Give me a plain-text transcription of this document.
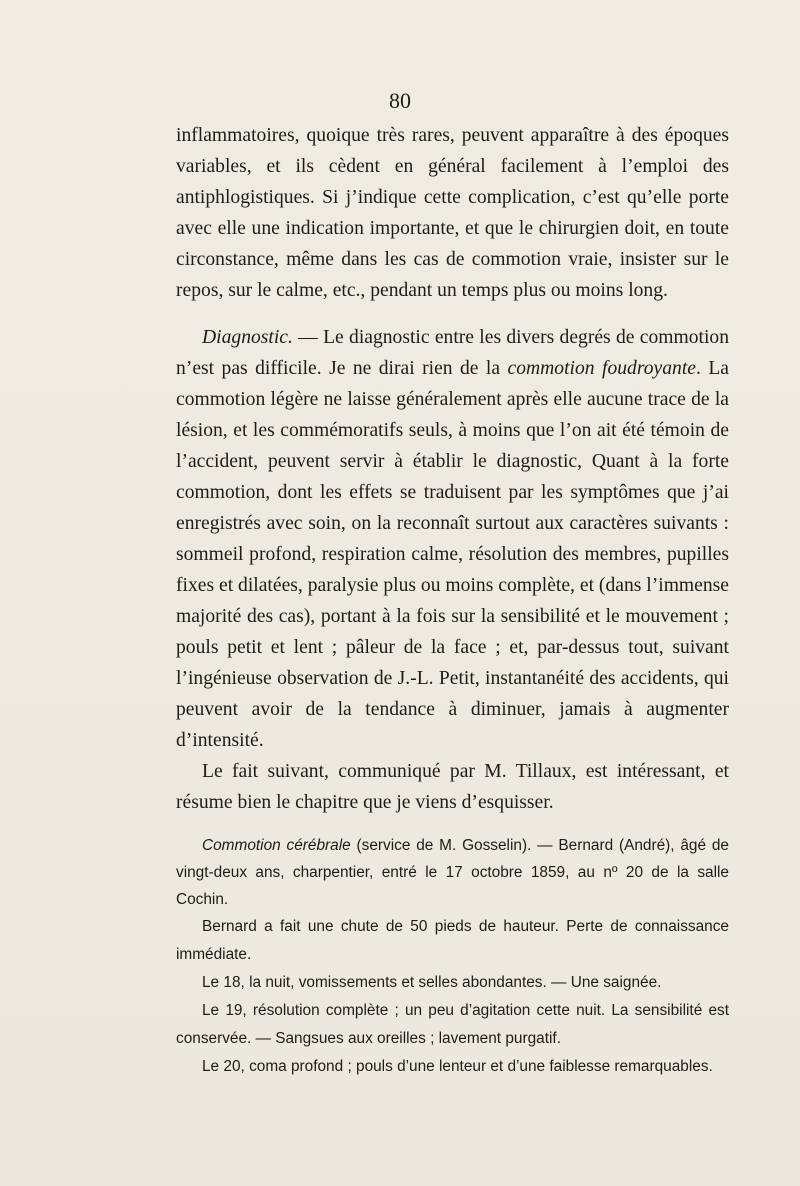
80

inflammatoires, quoique très rares, peuvent apparaître à des époques variables, et ils cèdent en général facilement à l’emploi des antiphlogistiques. Si j’indique cette complication, c’est qu’elle porte avec elle une indication importante, et que le chirurgien doit, en toute circonstance, même dans les cas de commotion vraie, insister sur le repos, sur le calme, etc., pendant un temps plus ou moins long.

Diagnostic. — Le diagnostic entre les divers degrés de commotion n’est pas difficile. Je ne dirai rien de la commotion foudroyante. La commotion légère ne laisse généralement après elle aucune trace de la lésion, et les commémoratifs seuls, à moins que l’on ait été témoin de l’accident, peuvent servir à établir le diagnostic, Quant à la forte commotion, dont les effets se traduisent par les symptômes que j’ai enregistrés avec soin, on la reconnaît surtout aux caractères suivants : sommeil profond, respiration calme, résolution des membres, pupilles fixes et dilatées, paralysie plus ou moins complète, et (dans l’immense majorité des cas), portant à la fois sur la sensibilité et le mouvement ; pouls petit et lent ; pâleur de la face ; et, par-dessus tout, suivant l’ingénieuse observation de J.-L. Petit, instantanéité des accidents, qui peuvent avoir de la tendance à diminuer, jamais à augmenter d’intensité.

Le fait suivant, communiqué par M. Tillaux, est intéressant, et résume bien le chapitre que je viens d’esquisser.

Commotion cérébrale (service de M. Gosselin). — Bernard (André), âgé de vingt-deux ans, charpentier, entré le 17 octobre 1859, au nº 20 de la salle Cochin.

Bernard a fait une chute de 50 pieds de hauteur. Perte de connaissance immédiate.

Le 18, la nuit, vomissements et selles abondantes. — Une saignée.

Le 19, résolution complète ; un peu d’agitation cette nuit. La sensibilité est conservée. — Sangsues aux oreilles ; lavement purgatif.

Le 20, coma profond ; pouls d’une lenteur et d’une faiblesse remarquables.
